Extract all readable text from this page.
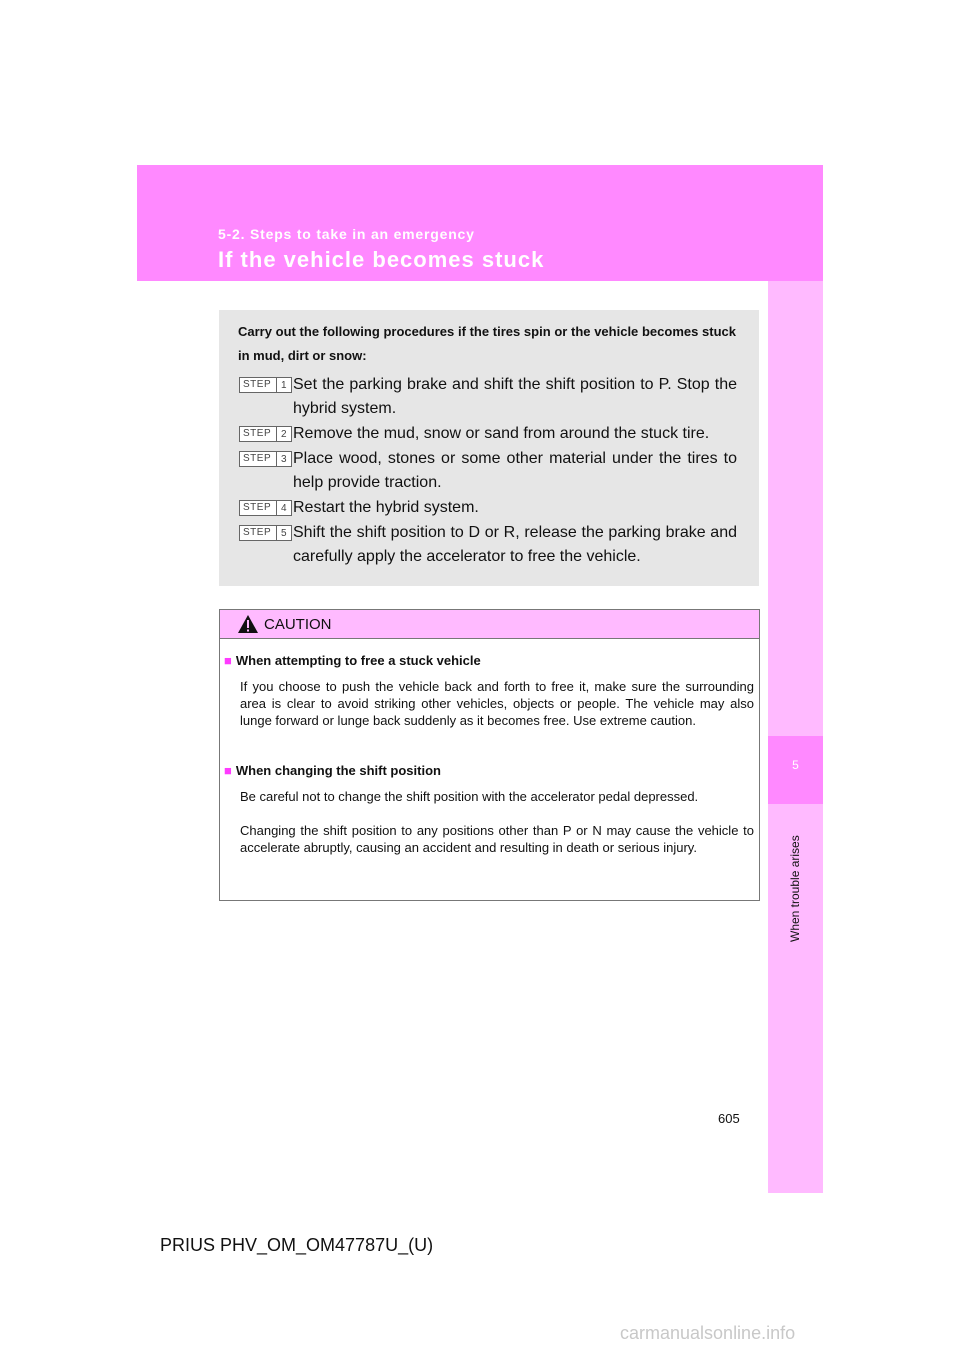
5-2. Steps to take in an emergency
If the vehicle becomes stuck
5
When trouble arises
Carry out the following procedures if the tires spin or the vehicle becomes stuck in mud, dirt or snow:
STEP 1 Set the parking brake and shift the shift position to P. Stop the hybrid system.
STEP 2 Remove the mud, snow or sand from around the stuck tire.
STEP 3 Place wood, stones or some other material under the tires to help provide traction.
STEP 4 Restart the hybrid system.
STEP 5 Shift the shift position to D or R, release the parking brake and carefully apply the accelerator to free the vehicle.
CAUTION
■ When attempting to free a stuck vehicle
If you choose to push the vehicle back and forth to free it, make sure the surrounding area is clear to avoid striking other vehicles, objects or people. The vehicle may also lunge forward or lunge back suddenly as it becomes free. Use extreme caution.
■ When changing the shift position
Be careful not to change the shift position with the accelerator pedal depressed.
Changing the shift position to any positions other than P or N may cause the vehicle to accelerate abruptly, causing an accident and resulting in death or serious injury.
605
PRIUS PHV_OM_OM47787U_(U)
carmanualsonline.info
